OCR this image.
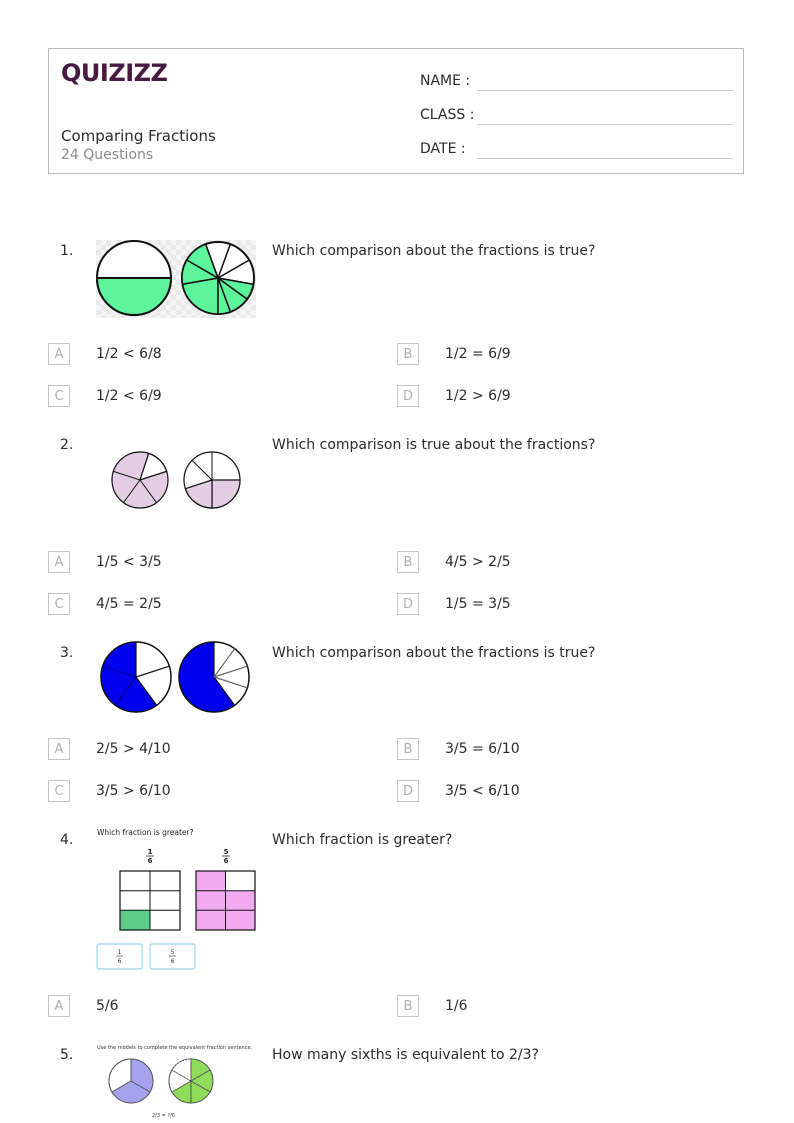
QUIZIZZ
Comparing Fractions
24 Questions
NAME :
CLASS :
DATE :
1.	Which comparison about the fractions is true?
A	1/2 < 6/8	B	1/2 = 6/9
C	1/2 < 6/9	D	1/2 > 6/9
2.	Which comparison is true about the fractions?
A	1/5 < 3/5	B	4/5 > 2/5
C	4/5 = 2/5	D	1/5 = 3/5
3.	Which comparison about the fractions is true?
A	2/5 > 4/10	B	3/5 = 6/10
C	3/5 > 6/10	D	3/5 < 6/10
4.	Which fraction is greater?
Which fraction is greater?
1
6
5
6
1
6
5
6
A	5/6	B	1/6
5.	How many sixths is equivalent to 2/3?
Use the models to complete the equivalent fraction sentence.
2/3 = ?/6
